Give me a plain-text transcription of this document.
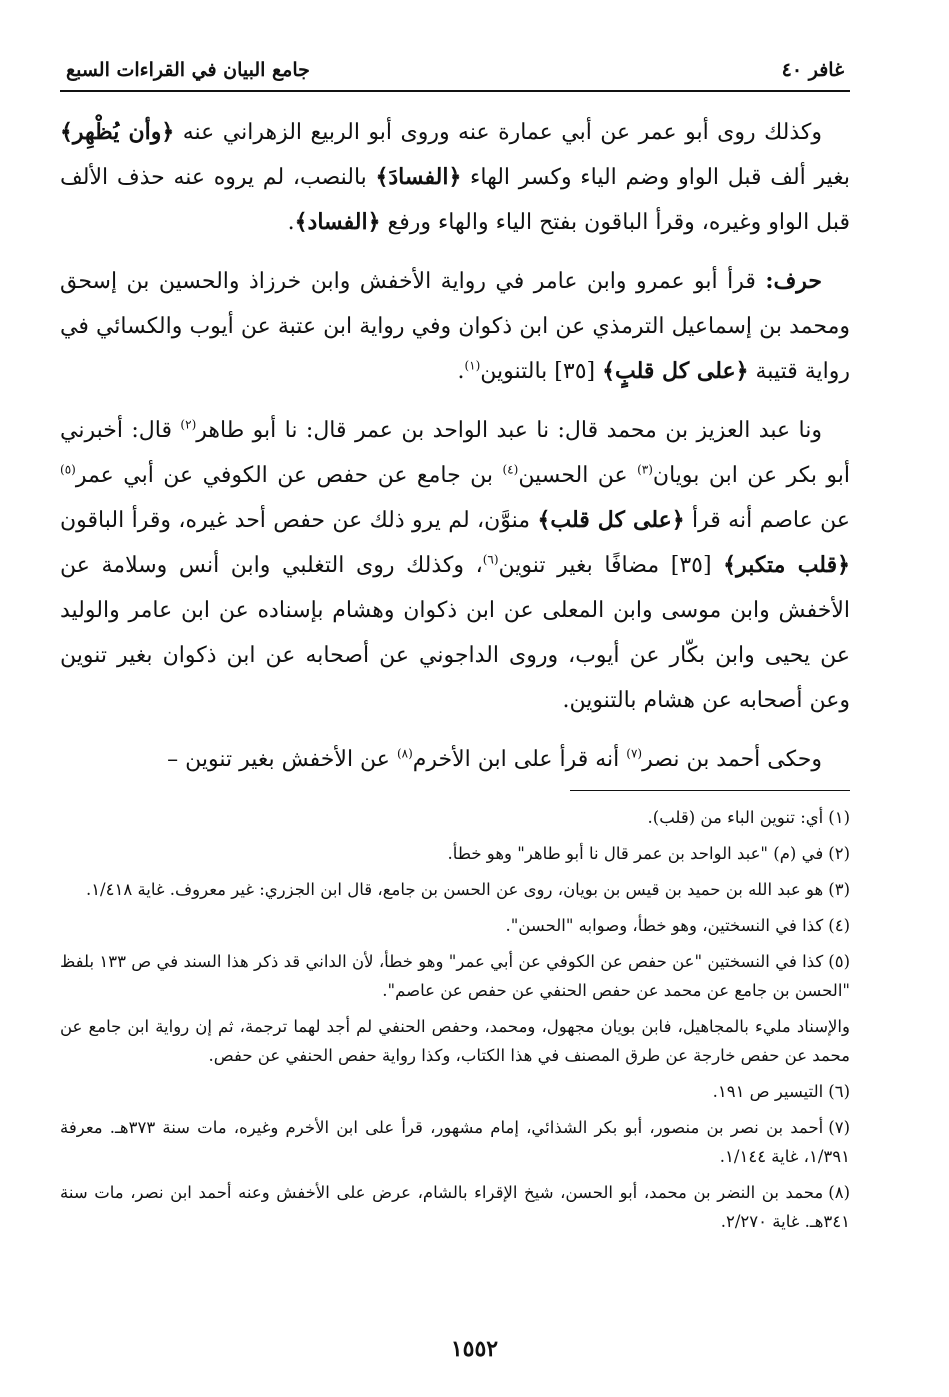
غافر ٤٠
جامع البيان في القراءات السبع

وكذلك روى أبو عمر عن أبي عمارة عنه وروى أبو الربيع الزهراني عنه ﴿وأن يُظْهِر﴾ بغير ألف قبل الواو وضم الياء وكسر الهاء ﴿الفسادَ﴾ بالنصب، لم يروه عنه حذف الألف قبل الواو وغيره، وقرأ الباقون بفتح الياء والهاء ورفع ﴿الفساد﴾.

حرف: قرأ أبو عمرو وابن عامر في رواية الأخفش وابن خرزاذ والحسين بن إسحق ومحمد بن إسماعيل الترمذي عن ابن ذكوان وفي رواية ابن عتبة عن أيوب والكسائي في رواية قتيبة ﴿على كل قلبٍ﴾ [٣٥] بالتنوين$^{(١)}$.

ونا عبد العزيز بن محمد قال: نا عبد الواحد بن عمر قال: نا أبو طاهر$^{(٢)}$ قال: أخبرني أبو بكر عن ابن بويان$^{(٣)}$ عن الحسين$^{(٤)}$ بن جامع عن حفص عن الكوفي عن أبي عمر$^{(٥)}$ عن عاصم أنه قرأ ﴿على كل قلب﴾ منوَّن، لم يرو ذلك عن حفص أحد غيره، وقرأ الباقون ﴿قلب متكبر﴾ [٣٥] مضافًا بغير تنوين$^{(٦)}$، وكذلك روى التغلبي وابن أنس وسلامة عن الأخفش وابن موسى وابن المعلى عن ابن ذكوان وهشام بإسناده عن ابن عامر والوليد عن يحيى وابن بكّار عن أيوب، وروى الداجوني عن أصحابه عن ابن ذكوان بغير تنوين وعن أصحابه عن هشام بالتنوين.

وحكى أحمد بن نصر$^{(٧)}$ أنه قرأ على ابن الأخرم$^{(٨)}$ عن الأخفش بغير تنوين –

(١)أي: تنوين الباء من (قلب).

(٢)في (م) "عبد الواحد بن عمر قال نا أبو طاهر" وهو خطأ.

(٣)هو عبد الله بن حميد بن قيس بن بويان، روى عن الحسن بن جامع، قال ابن الجزري: غير معروف. غاية ١/٤١٨.

(٤)كذا في النسختين، وهو خطأ، وصوابه "الحسن".

(٥)كذا في النسختين "عن حفص عن الكوفي عن أبي عمر" وهو خطأ، لأن الداني قد ذكر هذا السند في ص ١٣٣ بلفظ "الحسن بن جامع عن محمد عن حفص الحنفي عن حفص عن عاصم".

والإسناد مليء بالمجاهيل، فابن بويان مجهول، ومحمد، وحفص الحنفي لم أجد لهما ترجمة، ثم إن رواية ابن جامع عن محمد عن حفص خارجة عن طرق المصنف في هذا الكتاب، وكذا رواية حفص الحنفي عن حفص.

(٦)التيسير ص ١٩١.

(٧)أحمد بن نصر بن منصور، أبو بكر الشذائي، إمام مشهور، قرأ على ابن الأخرم وغيره، مات سنة ٣٧٣هـ. معرفة ١/٣٩١، غاية ١/١٤٤.

(٨)محمد بن النضر بن محمد، أبو الحسن، شيخ الإقراء بالشام، عرض على الأخفش وعنه أحمد ابن نصر، مات سنة ٣٤١هـ. غاية ٢/٢٧٠.

١٥٥٢
